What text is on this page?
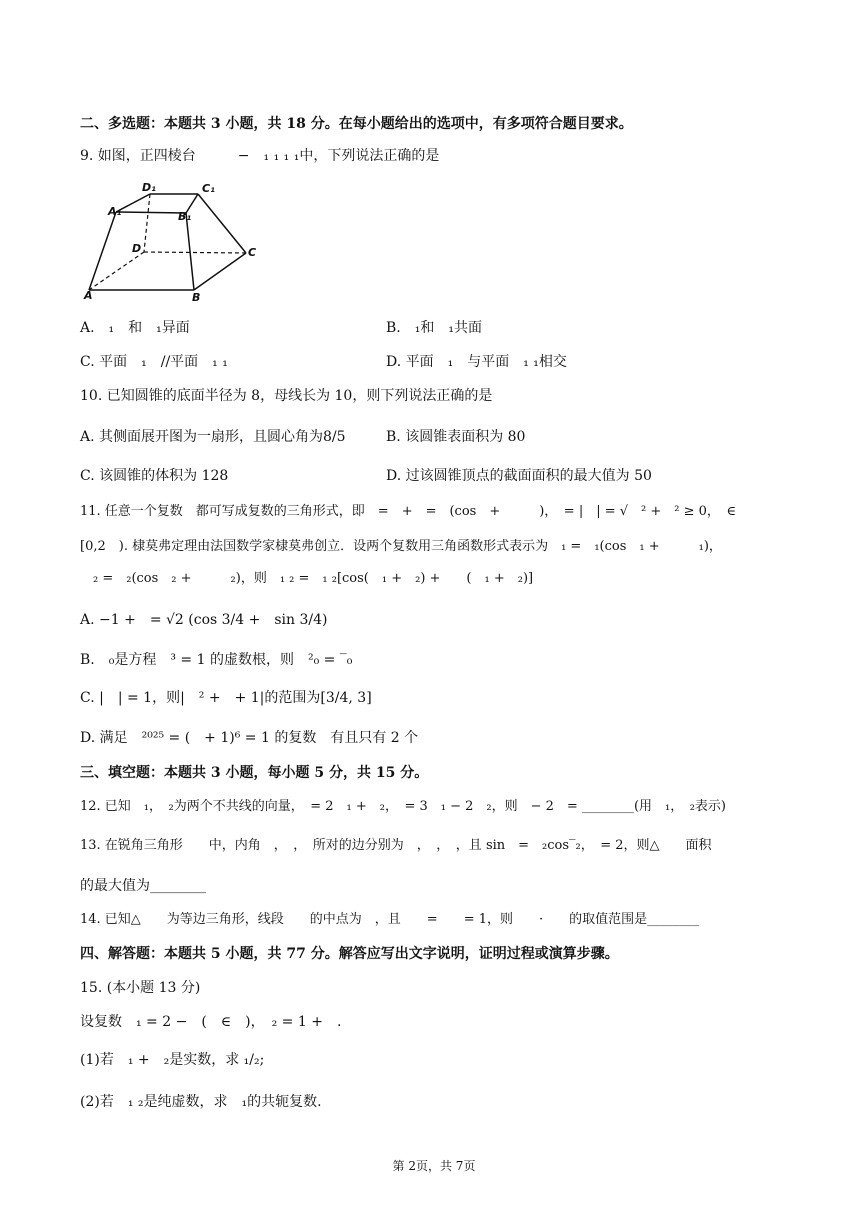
二、多选题：本题共 3 小题，共 18 分。在每小题给出的选项中，有多项符合题目要求。
9. 如图，正四棱台　　　−　₁ ₁ ₁ ₁中，下列说法正确的是
D₁	C₁
A₁	B₁
D	C
A	B
A.　₁　和　₁异面	B.　₁和　₁共面
C. 平面　₁　//平面　₁ ₁	D. 平面　₁　与平面　₁ ₁相交
10. 已知圆锥的底面半径为 8，母线长为 10，则下列说法正确的是
A. 其侧面展开图为一扇形，且圆心角为8/5	B. 该圆锥表面积为 80
C. 该圆锥的体积为 128	D. 过该圆锥顶点的截面面积的最大值为 50
11. 任意一个复数　都可写成复数的三角形式，即　=　+　=　(cos　+　　　)，　= |　| = √　² +　² ≥ 0，　∈
[0,2　). 棣莫弗定理由法国数学家棣莫弗创立．设两个复数用三角函数形式表示为　₁ =　₁(cos　₁ +　　　₁)，
　₂ =　₂(cos　₂ +　　　₂)，则　₁ ₂ =　₁ ₂[cos(　₁ +　₂) +　　(　₁ +　₂)]
A. −1 +　= √2 (cos 3/4 +　sin 3/4)
B.　₀是方程　³ = 1 的虚数根，则　²₀ = ‾₀
C. |　| = 1，则|　² +　+ 1|的范围为[3/4, 3]
D. 满足　²⁰²⁵ = (　+ 1)⁶ = 1 的复数　有且只有 2 个
三、填空题：本题共 3 小题，每小题 5 分，共 15 分。
12. 已知　₁，　₂为两个不共线的向量，　= 2　₁ +　₂，　= 3　₁ − 2　₂，则　− 2　= ________(用　₁，　₂表示)
13. 在锐角三角形　　中，内角　，　，　所对的边分别为　，　，　，且 sin　=　₂cos‾₂，　= 2，则△　　面积
的最大值为________
14. 已知△　　为等边三角形，线段　　的中点为　，且　　=　　= 1，则　　·　　的取值范围是________
四、解答题：本题共 5 小题，共 77 分。解答应写出文字说明，证明过程或演算步骤。
15. (本小题 13 分)
设复数　₁ = 2 −　(　∈　)，　₂ = 1 +　.
(1)若　₁ +　₂是实数，求 ₁/₂;
(2)若　₁ ₂是纯虚数，求　₁的共轭复数.
第 2页，共 7页
